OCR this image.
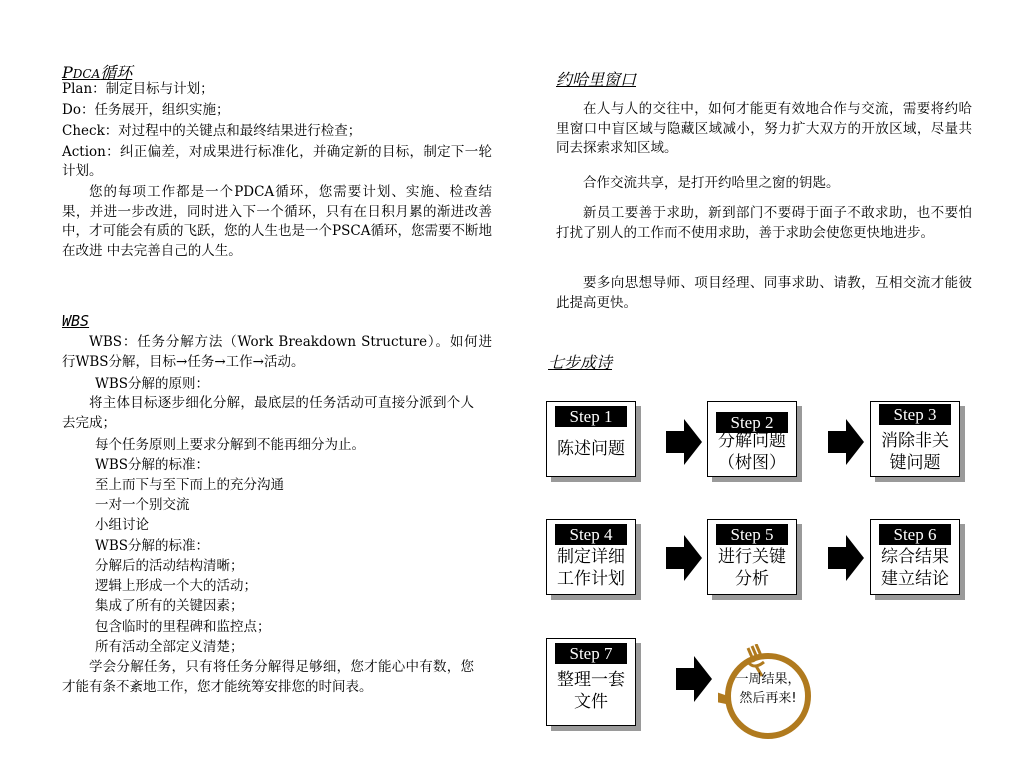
PDCA循环
Plan：制定目标与计划；
Do：任务展开，组织实施；
Check：对过程中的关键点和最终结果进行检查；
Action：纠正偏差，对成果进行标准化，并确定新的目标，制定下一轮计划。
您的每项工作都是一个PDCA循环，您需要计划、实施、检查结果，并进一步改进，同时进入下一个循环，只有在日积月累的渐进改善中，才可能会有质的飞跃，您的人生也是一个PSCA循环，您需要不断地在改进 中去完善自己的人生。
WBS
WBS：任务分解方法（Work Breakdown Structure）。如何进行WBS分解，目标→任务→工作→活动。
WBS分解的原则：
将主体目标逐步细化分解，最底层的任务活动可直接分派到个人去完成；
每个任务原则上要求分解到不能再细分为止。
WBS分解的标准：
至上而下与至下而上的充分沟通
一对一个别交流
小组讨论
WBS分解的标准：
分解后的活动结构清晰；
逻辑上形成一个大的活动；
集成了所有的关键因素；
包含临时的里程碑和监控点；
所有活动全部定义清楚；
学会分解任务，只有将任务分解得足够细，您才能心中有数，您才能有条不紊地工作，您才能统筹安排您的时间表。
约哈里窗口
在人与人的交往中，如何才能更有效地合作与交流，需要将约哈里窗口中盲区域与隐藏区域减小，努力扩大双方的开放区域，尽量共同去探索求知区域。
合作交流共享，是打开约哈里之窗的钥匙。
新员工要善于求助，新到部门不要碍于面子不敢求助，也不要怕打扰了别人的工作而不使用求助，善于求助会使您更快地进步。
要多向思想导师、项目经理、同事求助、请教，互相交流才能彼此提高更快。
七步成诗
Step 1
陈述问题
Step 2
分解问题（树图）
Step 3
消除非关键问题
Step 4
制定详细工作计划
Step 5
进行关键分析
Step 6
综合结果建立结论
Step 7
整理一套文件
一周结果，然后再来!
